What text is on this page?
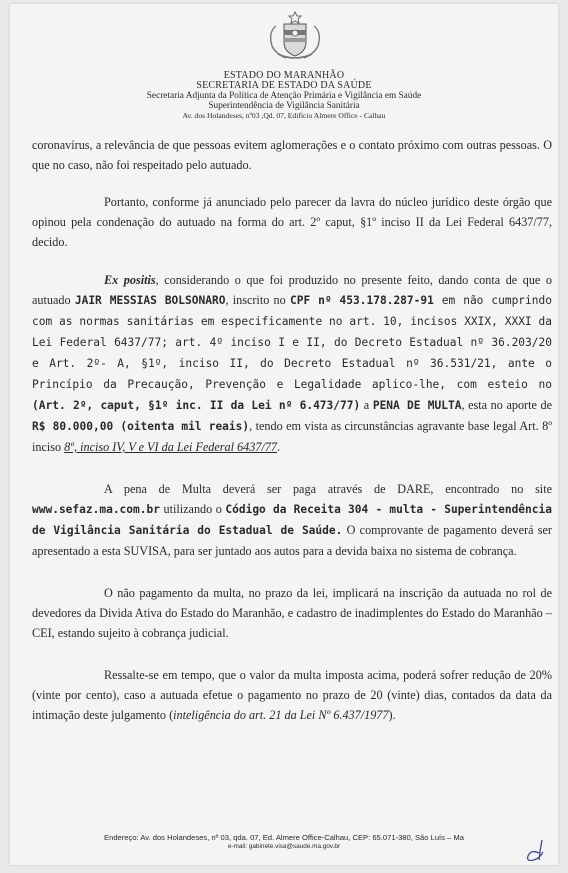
ESTADO DO MARANHÃO
SECRETARIA DE ESTADO DA SAÚDE
Secretaria Adjunta da Política de Atenção Primária e Vigilância em Saúde
Superintendência de Vigilância Sanitária
Av. dos Holandeses, nº03 ,Qd. 07, Edifício Almere Office - Calhau

coronavírus, a relevância de que pessoas evitem aglomerações e o contato próximo com outras pessoas. O que no caso, não foi respeitado pelo autuado.

Portanto, conforme já anunciado pelo parecer da lavra do núcleo jurídico deste órgão que opinou pela condenação do autuado na forma do art. 2º caput, §1º inciso II da Lei Federal 6437/77, decido.

Ex positis, considerando o que foi produzido no presente feito, dando conta de que o autuado JAIR MESSIAS BOLSONARO, inscrito no CPF nº 453.178.287-91 em não cumprindo com as normas sanitárias em especificamente no art. 10, incisos XXIX, XXXI da Lei Federal 6437/77; art. 4º inciso I e II, do Decreto Estadual nº 36.203/20 e Art. 2º- A, §1º, inciso II, do Decreto Estadual nº 36.531/21, ante o Princípio da Precaução, Prevenção e Legalidade aplico-lhe, com esteio no (Art. 2º, caput, §1º inc. II da Lei nº 6.473/77) a PENA DE MULTA, esta no aporte de R$ 80.000,00 (oitenta mil reais), tendo em vista as circunstâncias agravante base legal Art. 8º inciso 8º, inciso IV, V e VI da Lei Federal 6437/77.

A pena de Multa deverá ser paga através de DARE, encontrado no site www.sefaz.ma.com.br utilizando o Código da Receita 304 - multa - Superintendência de Vigilância Sanitária do Estadual de Saúde. O comprovante de pagamento deverá ser apresentado a esta SUVISA, para ser juntado aos autos para a devida baixa no sistema de cobrança.

O não pagamento da multa, no prazo da lei, implicará na inscrição da autuada no rol de devedores da Divida Ativa do Estado do Maranhão, e cadastro de inadimplentes do Estado do Maranhão – CEI, estando sujeito à cobrança judicial.

Ressalte-se em tempo, que o valor da multa imposta acima, poderá sofrer redução de 20% (vinte por cento), caso a autuada efetue o pagamento no prazo de 20 (vinte) dias, contados da data da intimação deste julgamento (inteligência do art. 21 da Lei Nº 6.437/1977).

Endereço: Av. dos Holandeses, nº 03, qda. 07, Ed. Almere Office-Calhau, CEP: 65.071-380, São Luís – Ma
e-mail: gabinete.visa@saude.ma.gov.br
